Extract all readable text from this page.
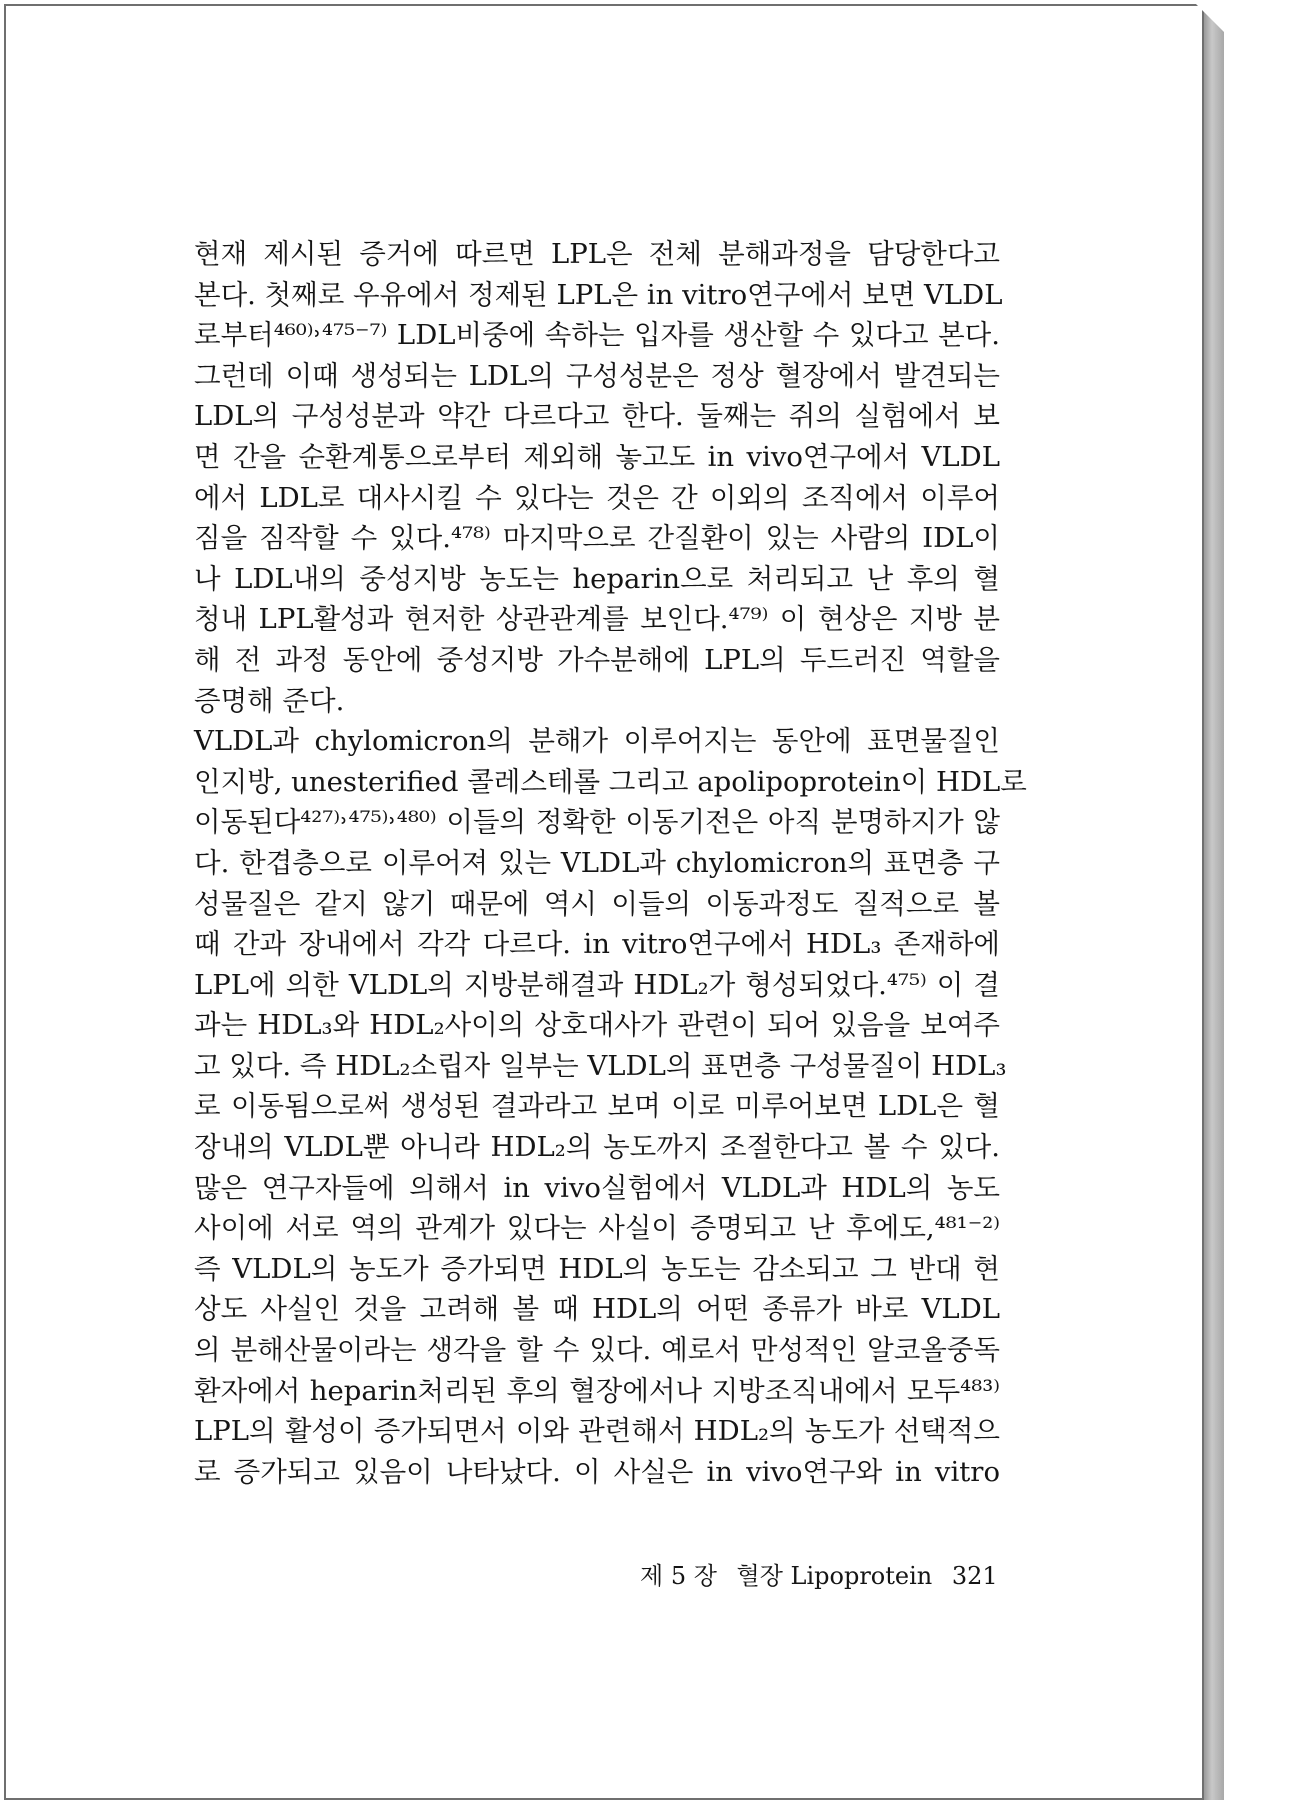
현재 제시된 증거에 따르면 LPL은 전체 분해과정을 담당한다고
본다. 첫째로 우유에서 정제된 LPL은 in vitro연구에서 보면 VLDL
로부터⁴⁶⁰⁾˒⁴⁷⁵⁻⁷⁾ LDL비중에 속하는 입자를 생산할 수 있다고 본다.
그런데 이때 생성되는 LDL의 구성성분은 정상 혈장에서 발견되는
LDL의 구성성분과 약간 다르다고 한다. 둘째는 쥐의 실험에서 보
면 간을 순환계통으로부터 제외해 놓고도 in vivo연구에서 VLDL
에서 LDL로 대사시킬 수 있다는 것은 간 이외의 조직에서 이루어
짐을 짐작할 수 있다.⁴⁷⁸⁾ 마지막으로 간질환이 있는 사람의 IDL이
나 LDL내의 중성지방 농도는 heparin으로 처리되고 난 후의 혈
청내 LPL활성과 현저한 상관관계를 보인다.⁴⁷⁹⁾ 이 현상은 지방 분
해 전 과정 동안에 중성지방 가수분해에 LPL의 두드러진 역할을
증명해 준다.
VLDL과 chylomicron의 분해가 이루어지는 동안에 표면물질인
인지방, unesterified 콜레스테롤 그리고 apolipoprotein이 HDL로
이동된다⁴²⁷⁾˒⁴⁷⁵⁾˒⁴⁸⁰⁾ 이들의 정확한 이동기전은 아직 분명하지가 않
다. 한겹층으로 이루어져 있는 VLDL과 chylomicron의 표면층 구
성물질은 같지 않기 때문에 역시 이들의 이동과정도 질적으로 볼
때 간과 장내에서 각각 다르다. in vitro연구에서 HDL₃ 존재하에
LPL에 의한 VLDL의 지방분해결과 HDL₂가 형성되었다.⁴⁷⁵⁾ 이 결
과는 HDL₃와 HDL₂사이의 상호대사가 관련이 되어 있음을 보여주
고 있다. 즉 HDL₂소립자 일부는 VLDL의 표면층 구성물질이 HDL₃
로 이동됨으로써 생성된 결과라고 보며 이로 미루어보면 LDL은 혈
장내의 VLDL뿐 아니라 HDL₂의 농도까지 조절한다고 볼 수 있다.
많은 연구자들에 의해서 in vivo실험에서 VLDL과 HDL의 농도
사이에 서로 역의 관계가 있다는 사실이 증명되고 난 후에도,⁴⁸¹⁻²⁾
즉 VLDL의 농도가 증가되면 HDL의 농도는 감소되고 그 반대 현
상도 사실인 것을 고려해 볼 때 HDL의 어떤 종류가 바로 VLDL
의 분해산물이라는 생각을 할 수 있다. 예로서 만성적인 알코올중독
환자에서 heparin처리된 후의 혈장에서나 지방조직내에서 모두⁴⁸³⁾
LPL의 활성이 증가되면서 이와 관련해서 HDL₂의 농도가 선택적으
로 증가되고 있음이 나타났다. 이 사실은 in vivo연구와 in vitro
제 5 장 혈장 Lipoprotein 321
